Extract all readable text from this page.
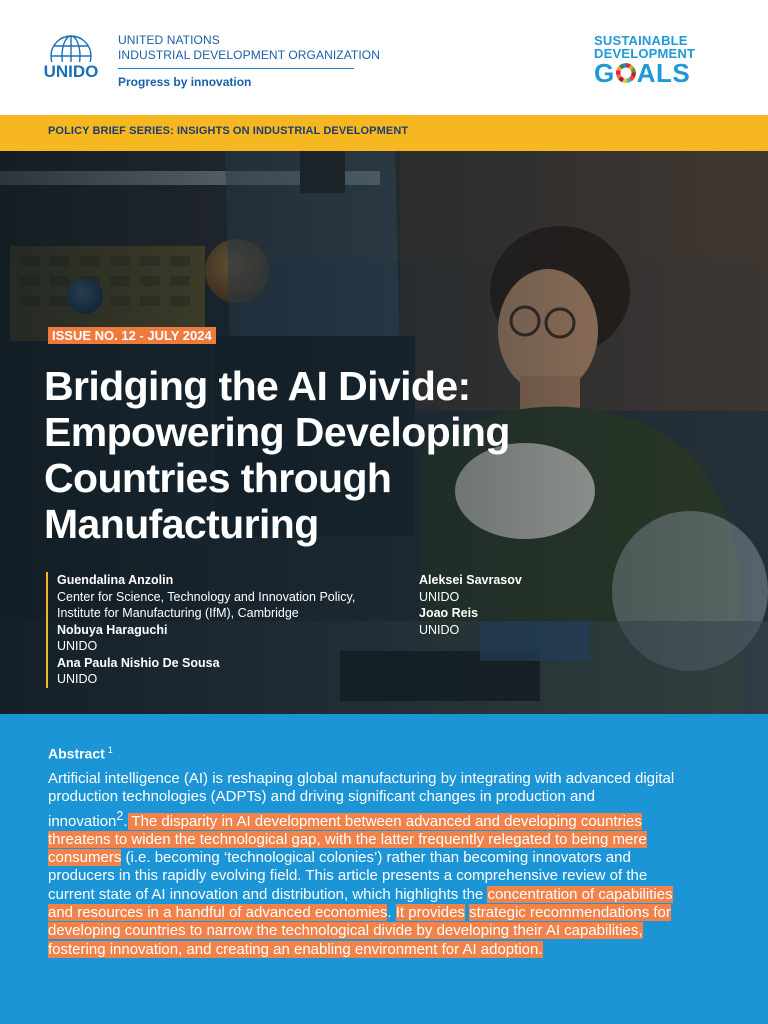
UNIDO
UNITED NATIONS
INDUSTRIAL DEVELOPMENT ORGANIZATION
Progress by innovation
SUSTAINABLE
DEVELOPMENT
G ALS
POLICY BRIEF SERIES: INSIGHTS ON INDUSTRIAL DEVELOPMENT
ISSUE NO. 12 - JULY 2024
Bridging the AI Divide:
Empowering Developing
Countries through
Manufacturing
Guendalina Anzolin
Center for Science, Technology and Innovation Policy,
Institute for Manufacturing (IfM), Cambridge
Nobuya Haraguchi
UNIDO
Ana Paula Nishio De Sousa
UNIDO
Aleksei Savrasov
UNIDO
Joao Reis
UNIDO
Abstract $^1$
Artificial intelligence (AI) is reshaping global manufacturing by integrating with advanced digital production technologies (ADPTs) and driving significant changes in production and innovation$^2$. The disparity in AI development between advanced and developing countries threatens to widen the technological gap, with the latter frequently relegated to being mere consumers (i.e. becoming ‘technological colonies’) rather than becoming innovators and producers in this rapidly evolving field. This article presents a comprehensive review of the current state of AI innovation and distribution, which highlights the concentration of capabilities and resources in a handful of advanced economies. It provides strategic recommendations for developing countries to narrow the technological divide by developing their AI capabilities, fostering innovation, and creating an enabling environment for AI adoption.
